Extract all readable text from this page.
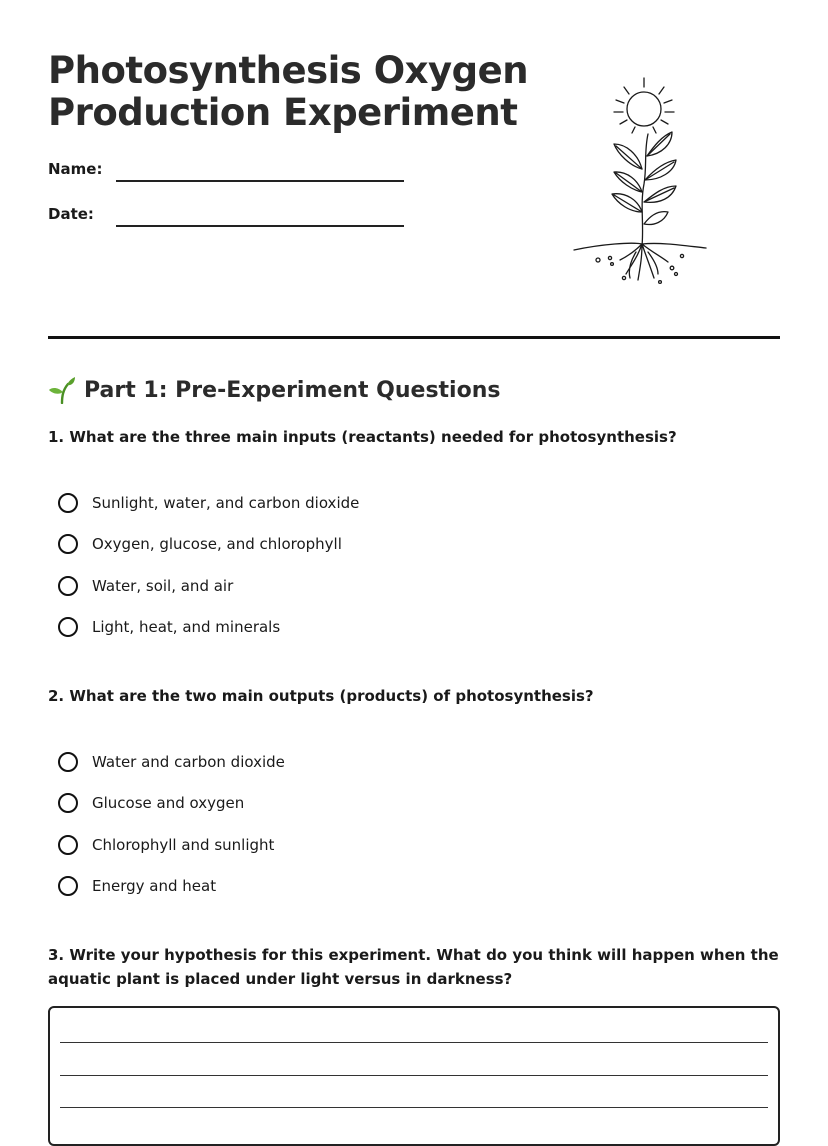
Photosynthesis Oxygen Production Experiment
Name:
Date:
Part 1: Pre-Experiment Questions

1. What are the three main inputs (reactants) needed for photosynthesis?

Sunlight, water, and carbon dioxide
Oxygen, glucose, and chlorophyll
Water, soil, and air
Light, heat, and minerals

2. What are the two main outputs (products) of photosynthesis?

Water and carbon dioxide
Glucose and oxygen
Chlorophyll and sunlight
Energy and heat

3. Write your hypothesis for this experiment. What do you think will happen when the aquatic plant is placed under light versus in darkness?
